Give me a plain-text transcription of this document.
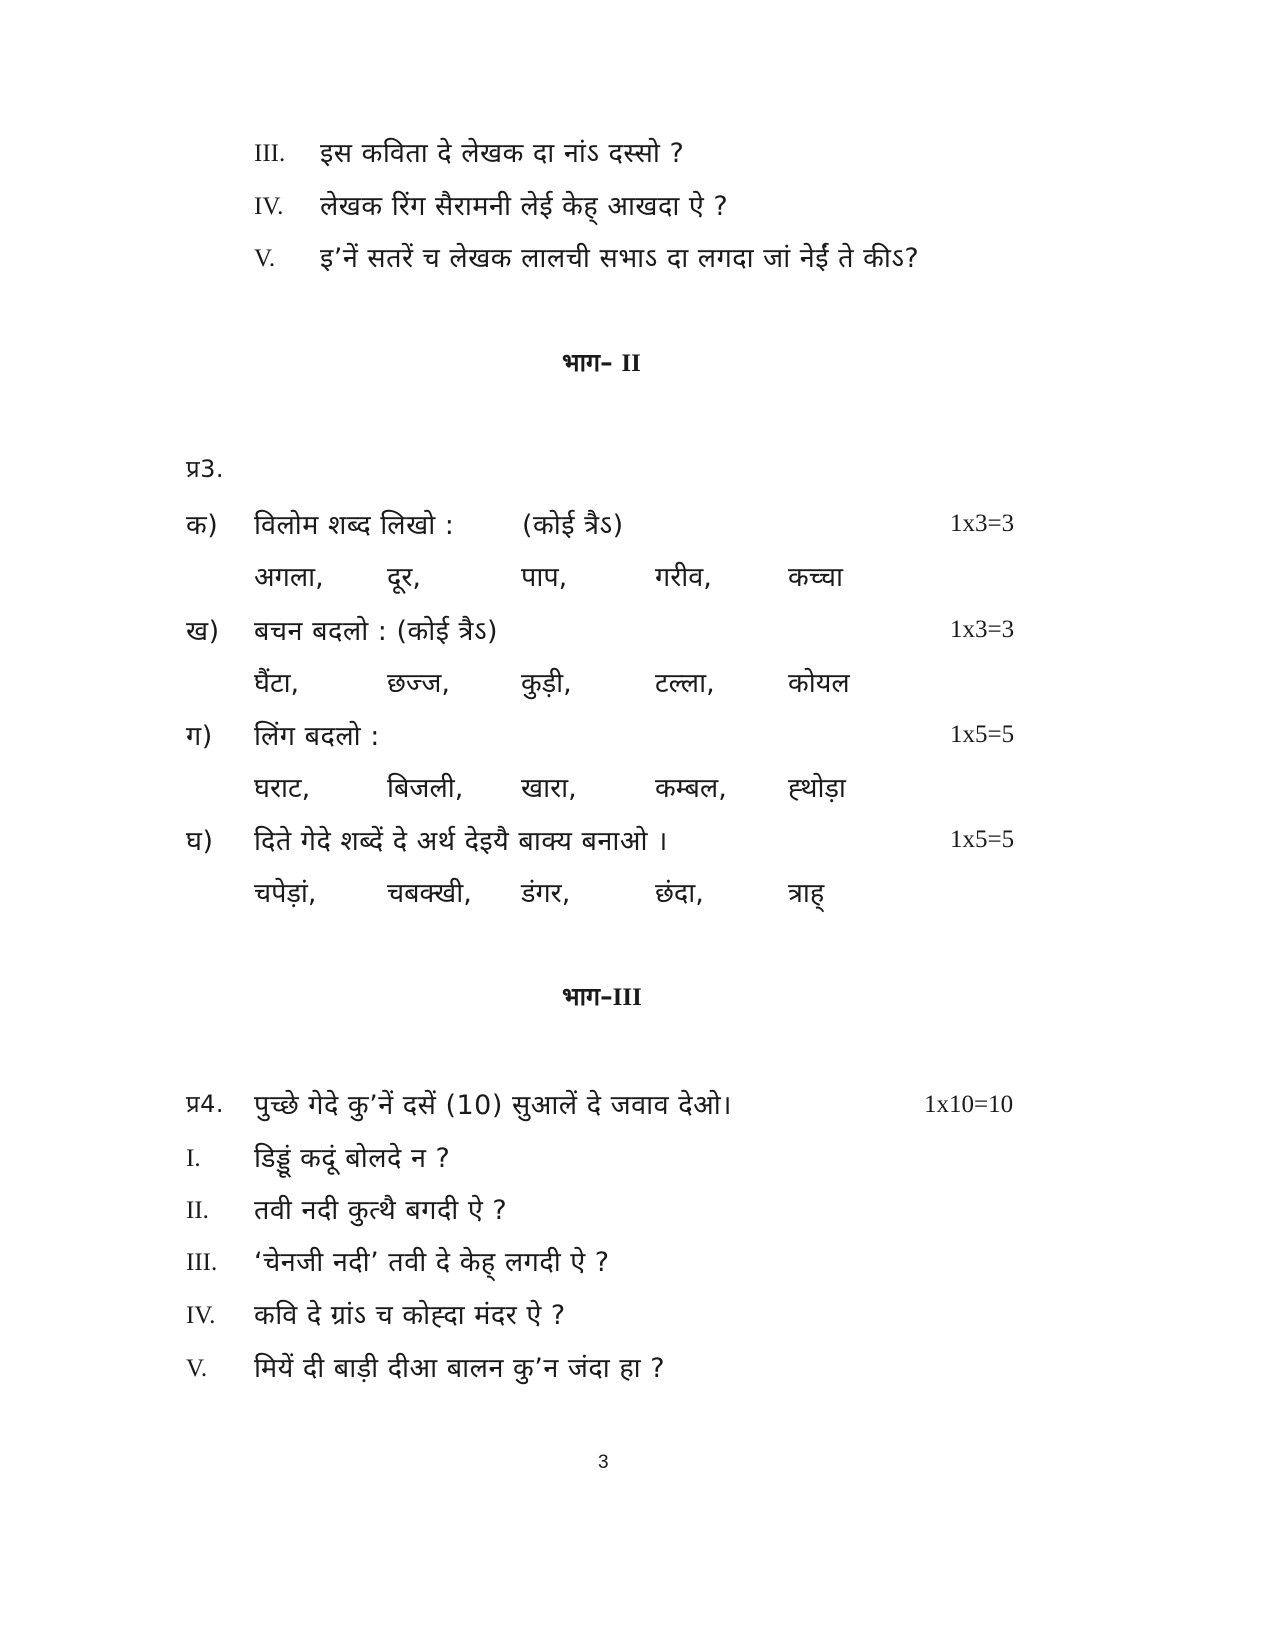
III. इस कविता दे लेखक दा नांऽ दस्सो ?
IV. लेखक रिंग सैरामनी लेई केह् आखदा ऐ ?
V. इ’नें सतरें च लेखक लालची सभाऽ दा लगदा जां नेईं ते कीऽ?
भाग– II
प्र3.
क) विलोम शब्द लिखो :	(कोई त्रैऽ)	1x3=3
अगला, दूर,	पाप,	गरीव,	कच्चा
ख) बचन बदलो : (कोई त्रैऽ)	1x3=3
घैंटा,	छज्ज,	कुड़ी,	टल्ला,	कोयल
ग) लिंग बदलो :	1x5=5
घराट,	बिजली, खारा,	कम्बल, ह्थोड़ा
घ) दिते गेदे शब्दें दे अर्थ देइयै बाक्य बनाओ ।	1x5=5
चपेड़ां,	चबक्खी, डंगर,	छंदा,	त्राह्
भाग–III
प्र4. पुच्छे गेदे कु’नें दसें (10) सुआलें दे जवाव देओ।	1x10=10
I. डिड्डूं कदूं बोलदे न ?
II. तवी नदी कुत्थै बगदी ऐ ?
III. ‘चेनजी नदी’ तवी दे केह् लगदी ऐ ?
IV. कवि दे ग्रांऽ च कोह्दा मंदर ऐ ?
V. मियें दी बाड़ी दीआ बालन कु’न जंदा हा ?
3
